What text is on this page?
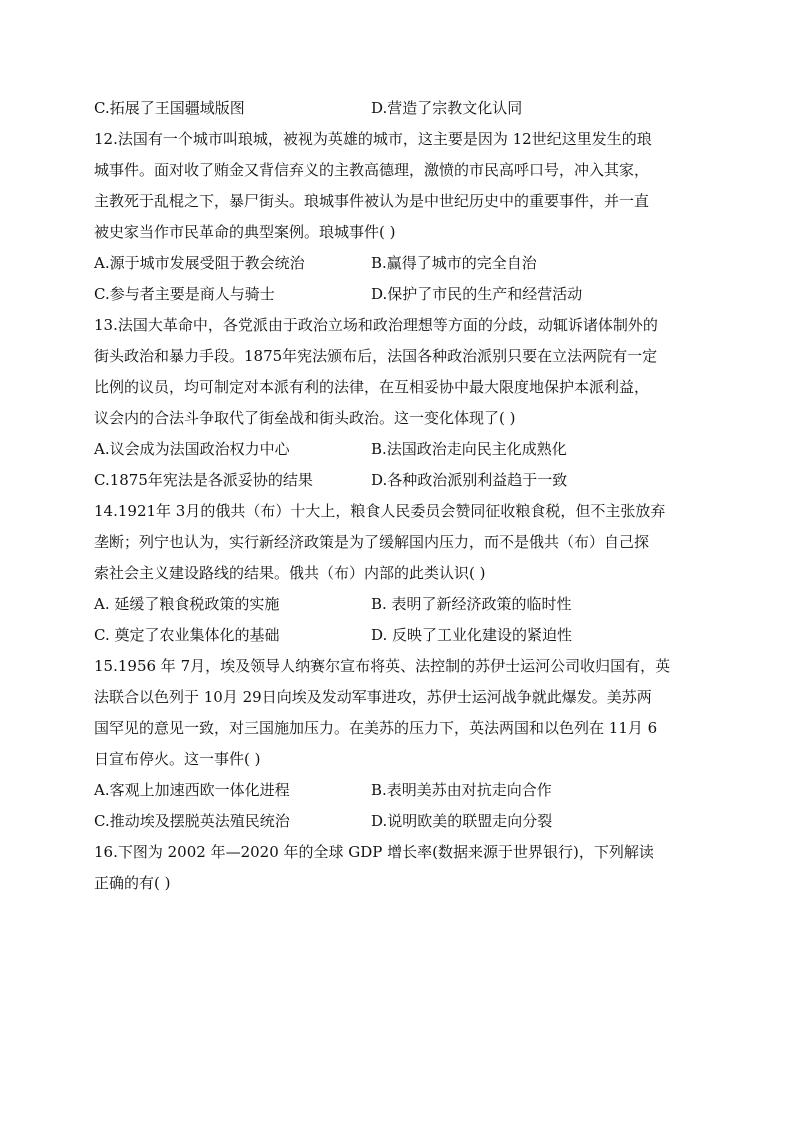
C.拓展了王国疆域版图	D.营造了宗教文化认同
12.法国有一个城市叫琅城，被视为英雄的城市，这主要是因为 12世纪这里发生的琅
城事件。面对收了贿金又背信弃义的主教高德理，激愤的市民高呼口号，冲入其家，
主教死于乱棍之下，暴尸街头。琅城事件被认为是中世纪历史中的重要事件，并一直
被史家当作市民革命的典型案例。琅城事件( )
A.源于城市发展受阻于教会统治	B.赢得了城市的完全自治
C.参与者主要是商人与骑士	D.保护了市民的生产和经营活动
13.法国大革命中，各党派由于政治立场和政治理想等方面的分歧，动辄诉诸体制外的
街头政治和暴力手段。1875年宪法颁布后，法国各种政治派别只要在立法两院有一定
比例的议员，均可制定对本派有利的法律，在互相妥协中最大限度地保护本派利益，
议会内的合法斗争取代了街垒战和街头政治。这一变化体现了( )
A.议会成为法国政治权力中心	B.法国政治走向民主化成熟化
C.1875年宪法是各派妥协的结果	D.各种政治派别利益趋于一致
14.1921年 3月的俄共（布）十大上，粮食人民委员会赞同征收粮食税，但不主张放弃
垄断；列宁也认为，实行新经济政策是为了缓解国内压力，而不是俄共（布）自己探
索社会主义建设路线的结果。俄共（布）内部的此类认识( )
A. 延缓了粮食税政策的实施	B. 表明了新经济政策的临时性
C. 奠定了农业集体化的基础	D. 反映了工业化建设的紧迫性
15.1956 年 7月，埃及领导人纳赛尔宣布将英、法控制的苏伊士运河公司收归国有，英
法联合以色列于 10月 29日向埃及发动军事进攻，苏伊士运河战争就此爆发。美苏两
国罕见的意见一致，对三国施加压力。在美苏的压力下，英法两国和以色列在 11月 6
日宣布停火。这一事件( )
A.客观上加速西欧一体化进程	B.表明美苏由对抗走向合作
C.推动埃及摆脱英法殖民统治	D.说明欧美的联盟走向分裂
16.下图为 2002 年—2020 年的全球 GDP 增长率(数据来源于世界银行)，下列解读
正确的有( )
